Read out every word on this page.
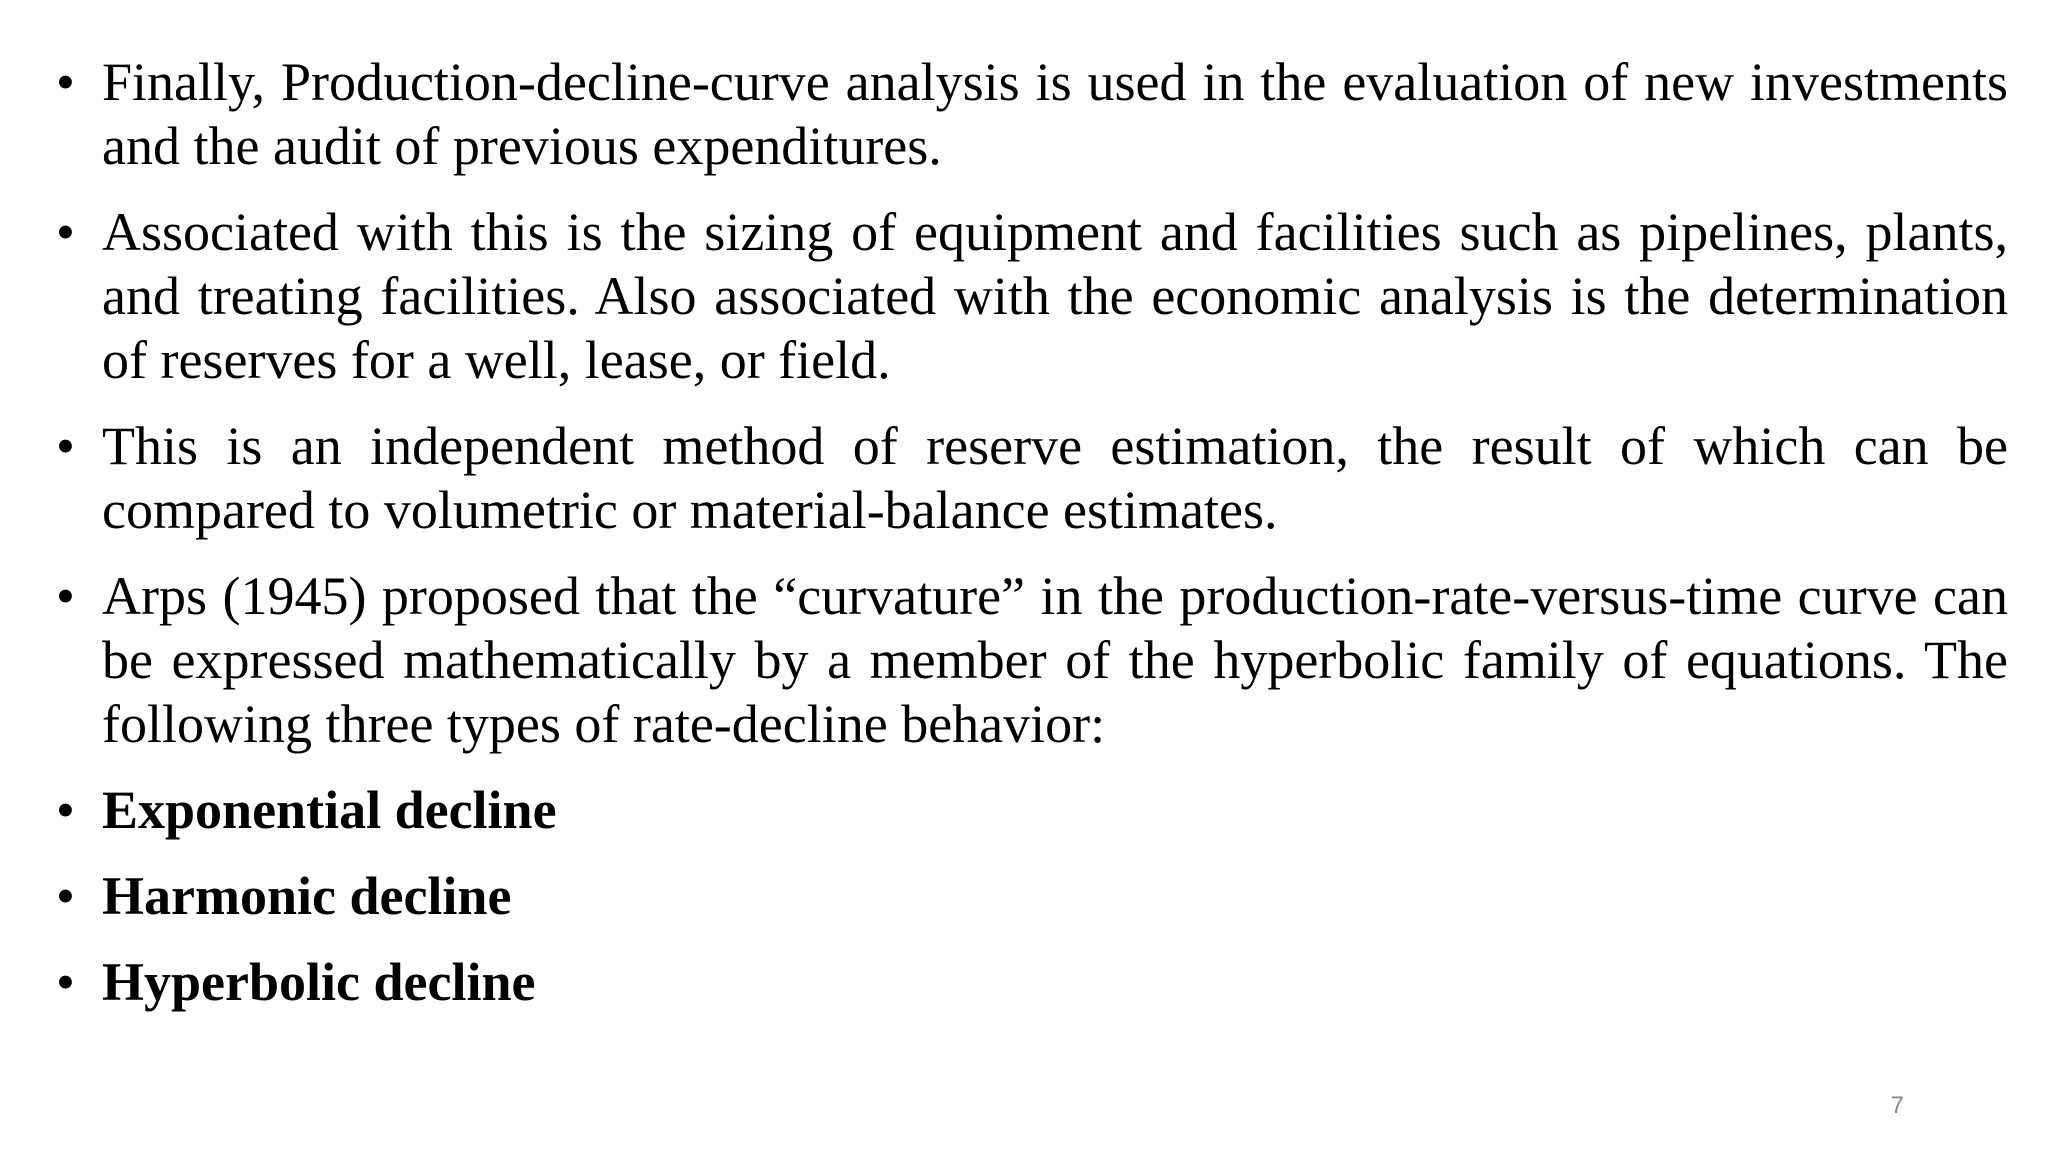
• Finally, Production-decline-curve analysis is used in the evaluation of new investments and the audit of previous expenditures.
• Associated with this is the sizing of equipment and facilities such as pipelines, plants, and treating facilities. Also associated with the economic analysis is the determination of reserves for a well, lease, or field.
• This is an independent method of reserve estimation, the result of which can be compared to volumetric or material-balance estimates.
• Arps (1945) proposed that the “curvature” in the production-rate-versus-time curve can be expressed mathematically by a member of the hyperbolic family of equations. The following three types of rate-decline behavior:
• Exponential decline
• Harmonic decline
• Hyperbolic decline
7
